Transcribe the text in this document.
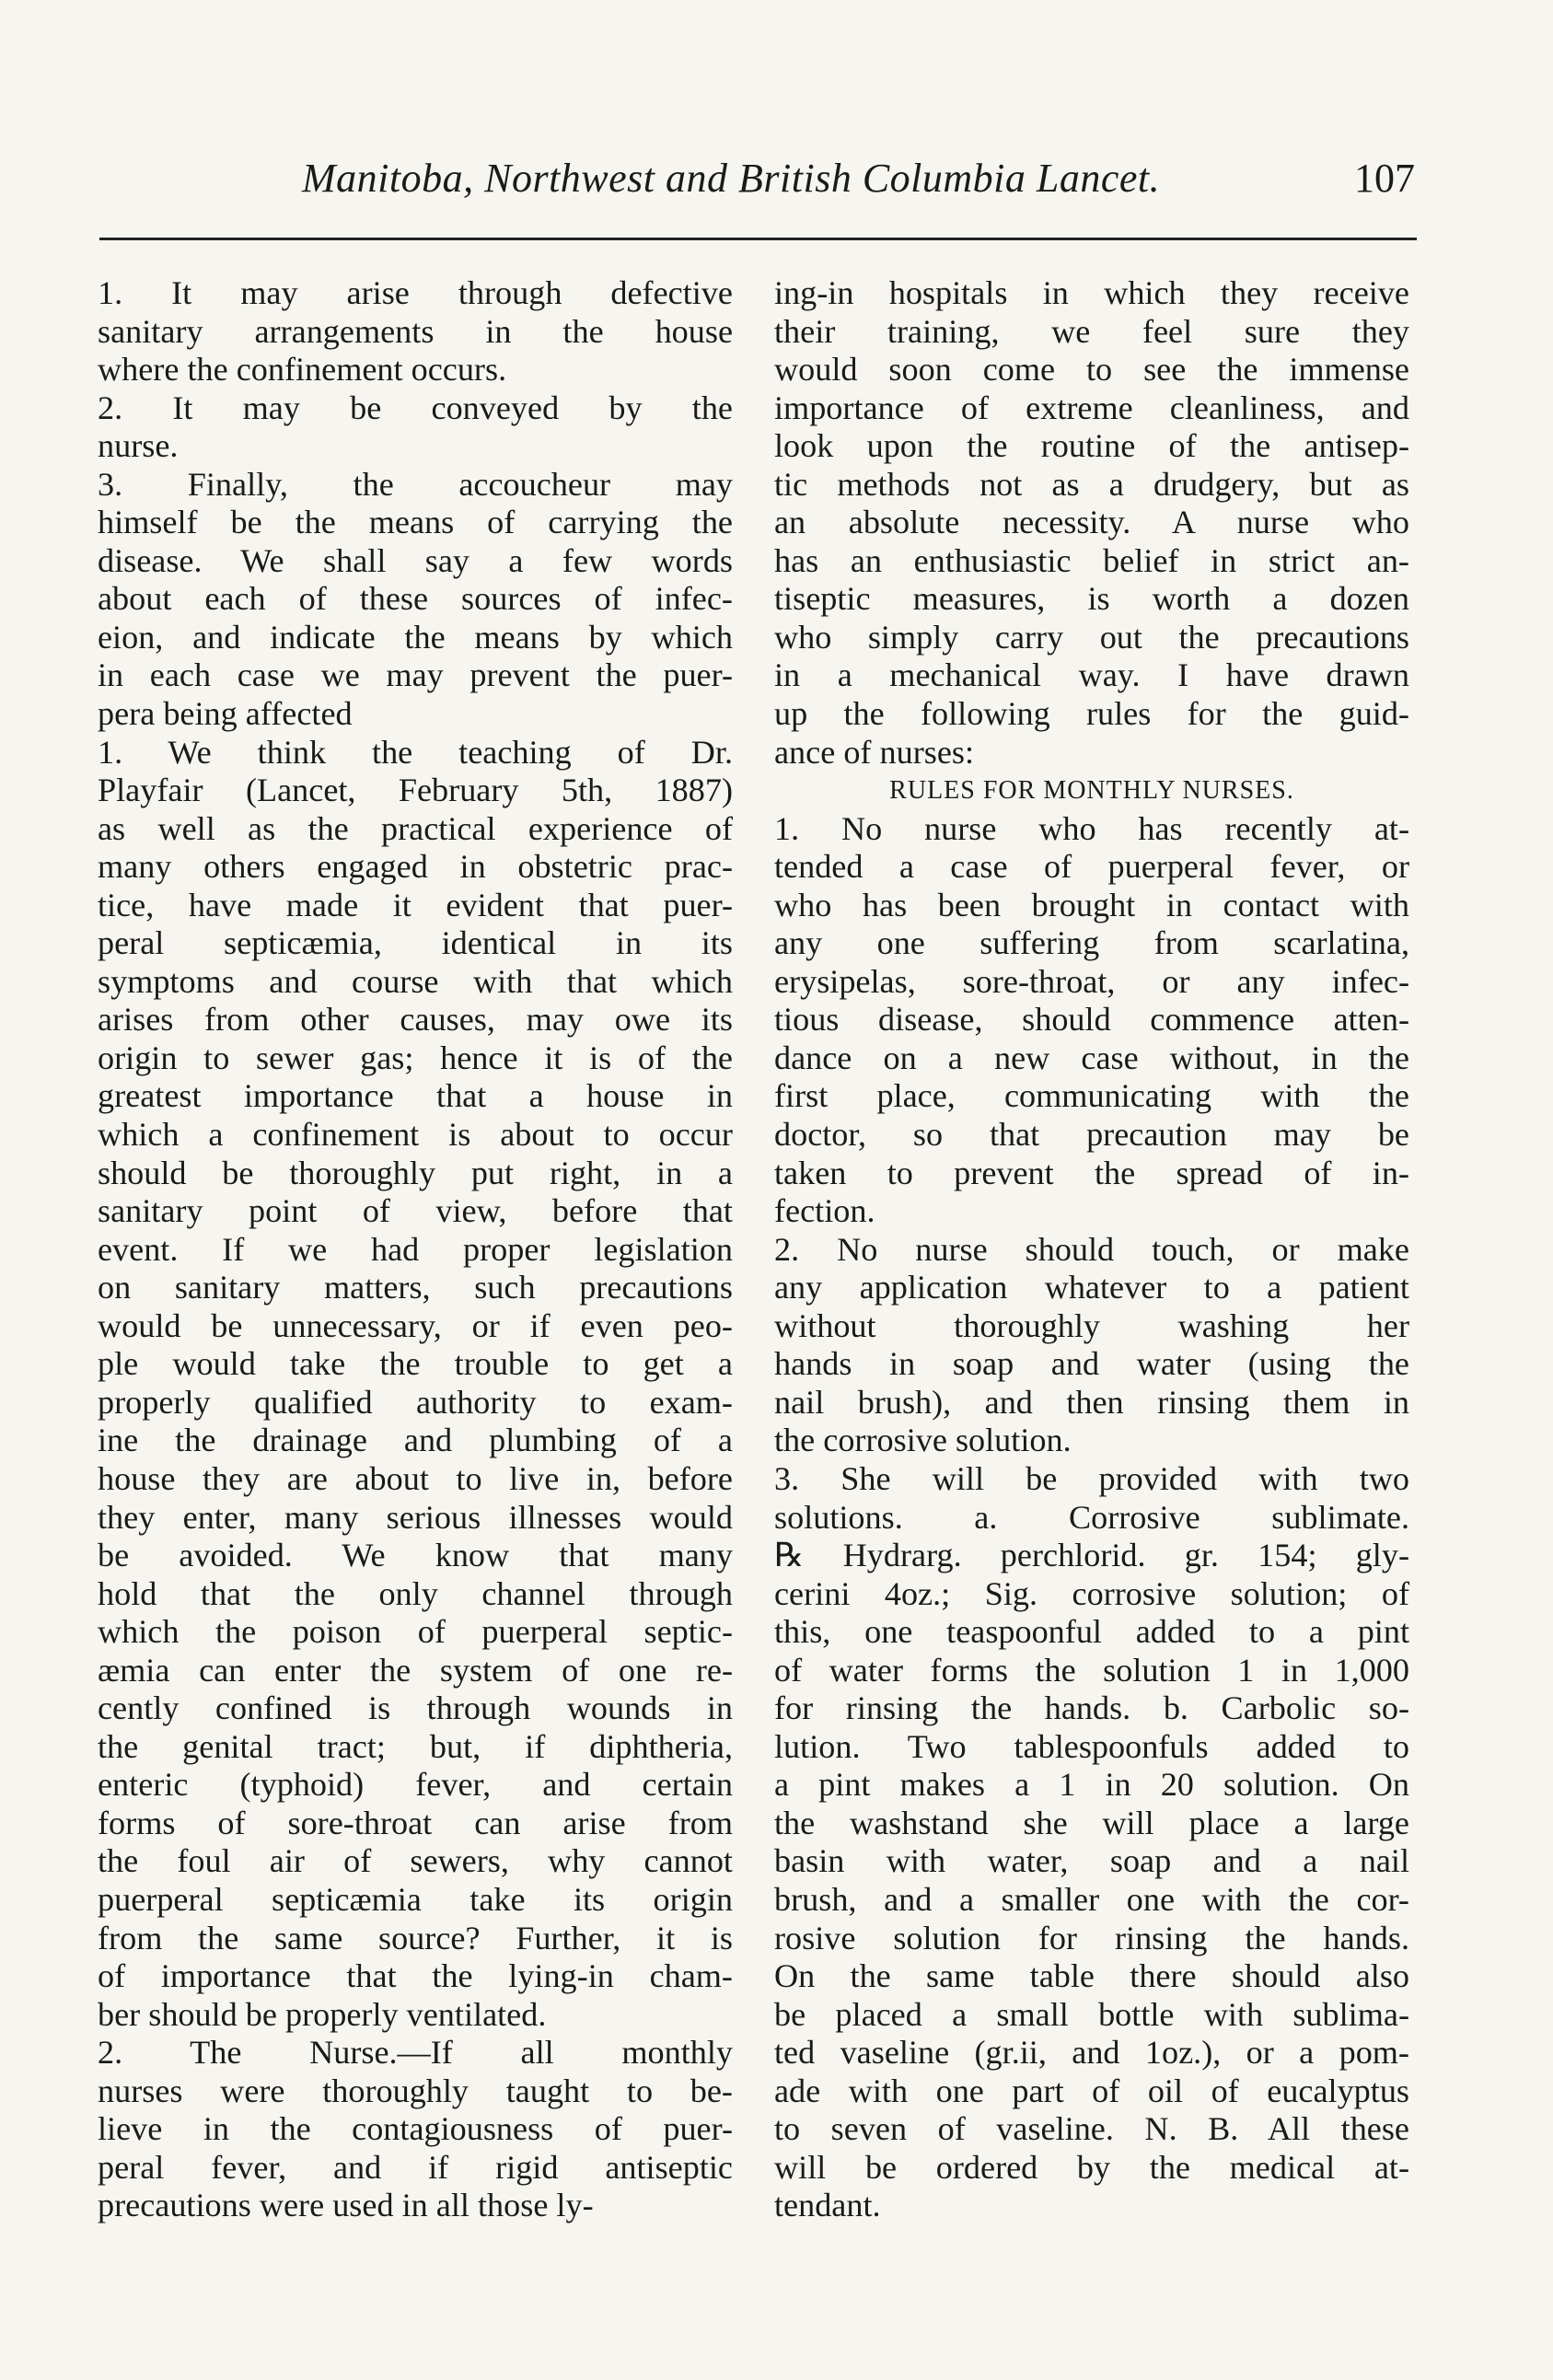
Manitoba, Northwest and British Columbia Lancet.	107
1. It may arise through defective
sanitary arrangements in the house
where the confinement occurs.
2. It may be conveyed by the
nurse.
3. Finally, the accoucheur may
himself be the means of carrying the
disease. We shall say a few words
about each of these sources of infec-
eion, and indicate the means by which
in each case we may prevent the puer-
pera being affected
1. We think the teaching of Dr.
Playfair (Lancet, February 5th, 1887)
as well as the practical experience of
many others engaged in obstetric prac-
tice, have made it evident that puer-
peral septicæmia, identical in its
symptoms and course with that which
arises from other causes, may owe its
origin to sewer gas; hence it is of the
greatest importance that a house in
which a confinement is about to occur
should be thoroughly put right, in a
sanitary point of view, before that
event. If we had proper legislation
on sanitary matters, such precautions
would be unnecessary, or if even peo-
ple would take the trouble to get a
properly qualified authority to exam-
ine the drainage and plumbing of a
house they are about to live in, before
they enter, many serious illnesses would
be avoided. We know that many
hold that the only channel through
which the poison of puerperal septic-
æmia can enter the system of one re-
cently confined is through wounds in
the genital tract; but, if diphtheria,
enteric (typhoid) fever, and certain
forms of sore-throat can arise from
the foul air of sewers, why cannot
puerperal septicæmia take its origin
from the same source? Further, it is
of importance that the lying-in cham-
ber should be properly ventilated.
2. The Nurse.—If all monthly
nurses were thoroughly taught to be-
lieve in the contagiousness of puer-
peral fever, and if rigid antiseptic
precautions were used in all those ly-
ing-in hospitals in which they receive
their training, we feel sure they
would soon come to see the immense
importance of extreme cleanliness, and
look upon the routine of the antisep-
tic methods not as a drudgery, but as
an absolute necessity. A nurse who
has an enthusiastic belief in strict an-
tiseptic measures, is worth a dozen
who simply carry out the precautions
in a mechanical way. I have drawn
up the following rules for the guid-
ance of nurses:
RULES FOR MONTHLY NURSES.
1. No nurse who has recently at-
tended a case of puerperal fever, or
who has been brought in contact with
any one suffering from scarlatina,
erysipelas, sore-throat, or any infec-
tious disease, should commence atten-
dance on a new case without, in the
first place, communicating with the
doctor, so that precaution may be
taken to prevent the spread of in-
fection.
2. No nurse should touch, or make
any application whatever to a patient
without thoroughly washing her
hands in soap and water (using the
nail brush), and then rinsing them in
the corrosive solution.
3. She will be provided with two
solutions. a. Corrosive sublimate.
℞ Hydrarg. perchlorid. gr. 154; gly-
cerini 4oz.; Sig. corrosive solution; of
this, one teaspoonful added to a pint
of water forms the solution 1 in 1,000
for rinsing the hands. b. Carbolic so-
lution. Two tablespoonfuls added to
a pint makes a 1 in 20 solution. On
the washstand she will place a large
basin with water, soap and a nail
brush, and a smaller one with the cor-
rosive solution for rinsing the hands.
On the same table there should also
be placed a small bottle with sublima-
ted vaseline (gr.ii, and 1oz.), or a pom-
ade with one part of oil of eucalyptus
to seven of vaseline. N. B. All these
will be ordered by the medical at-
tendant.
